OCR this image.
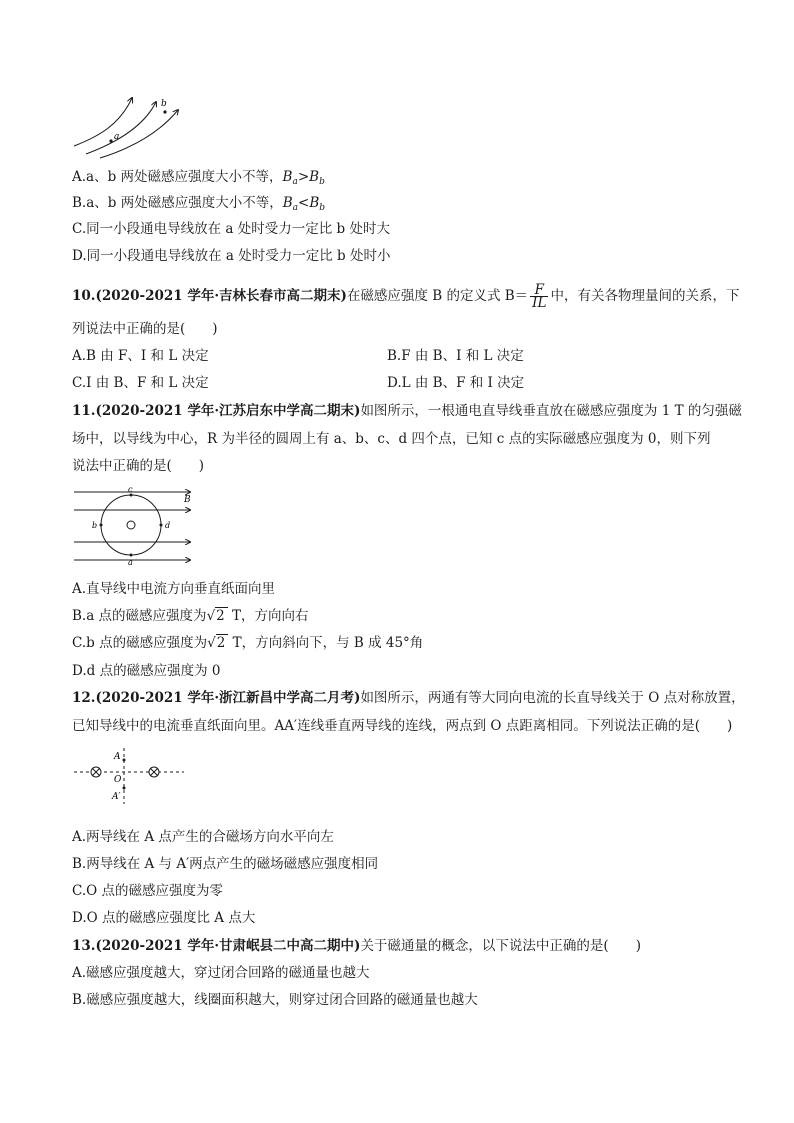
a
b
A.a、b 两处磁感应强度大小不等，$B_a>B_b$
B.a、b 两处磁感应强度大小不等，$B_a<B_b$
C.同一小段通电导线放在 a 处时受力一定比 b 处时大
D.同一小段通电导线放在 a 处时受力一定比 b 处时小
10.(2020-2021 学年·吉林长春市高二期末)在磁感应强度 B 的定义式 $B= \frac{F}{IL}$ 中，有关各物理量间的关系，下
列说法中正确的是(　　)
A.B 由 F、I 和 L 决定	B.F 由 B、I 和 L 决定
C.I 由 B、F 和 L 决定	D.L 由 B、F 和 I 决定
11.(2020-2021 学年·江苏启东中学高二期末)如图所示，一根通电直导线垂直放在磁感应强度为 1 T 的匀强磁
场中，以导线为中心，R 为半径的圆周上有 a、b、c、d 四个点，已知 c 点的实际磁感应强度为 0，则下列
说法中正确的是(　　)
B
c
a
b	d
A.直导线中电流方向垂直纸面向里
B.a 点的磁感应强度为√2 T，方向向右
C.b 点的磁感应强度为√2 T，方向斜向下，与 B 成 45°角
D.d 点的磁感应强度为 0
12.(2020-2021 学年·浙江新昌中学高二月考)如图所示，两通有等大同向电流的长直导线关于 O 点对称放置，
已知导线中的电流垂直纸面向里。AA′连线垂直两导线的连线，两点到 O 点距离相同。下列说法正确的是(　　)
A
O
A′
A.两导线在 A 点产生的合磁场方向水平向左
B.两导线在 A 与 A′两点产生的磁场磁感应强度相同
C.O 点的磁感应强度为零
D.O 点的磁感应强度比 A 点大
13.(2020-2021 学年·甘肃岷县二中高二期中)关于磁通量的概念，以下说法中正确的是(　　)
A.磁感应强度越大，穿过闭合回路的磁通量也越大
B.磁感应强度越大，线圈面积越大，则穿过闭合回路的磁通量也越大
